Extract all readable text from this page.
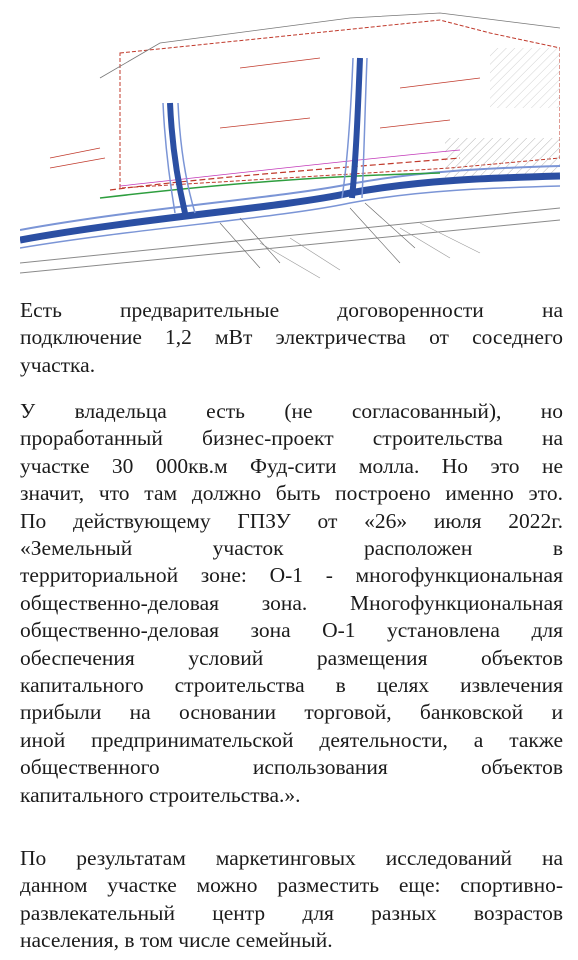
Есть предварительные договоренности на
подключение 1,2 мВт электричества от соседнего
участка.
У владельца есть (не согласованный), но
проработанный бизнес-проект строительства на
участке 30 000кв.м Фуд-сити молла. Но это не
значит, что там должно быть построено именно это.
По действующему ГПЗУ от «26» июля 2022г.
«Земельный участок расположен в
территориальной зоне: О-1 - многофункциональная
общественно-деловая зона. Многофункциональная
общественно-деловая зона О-1 установлена для
обеспечения условий размещения объектов
капитального строительства в целях извлечения
прибыли на основании торговой, банковской и
иной предпринимательской деятельности, а также
общественного использования объектов
капитального строительства.».
По результатам маркетинговых исследований на
данном участке можно разместить еще: спортивно-
развлекательный центр для разных возрастов
населения, в том числе семейный.
